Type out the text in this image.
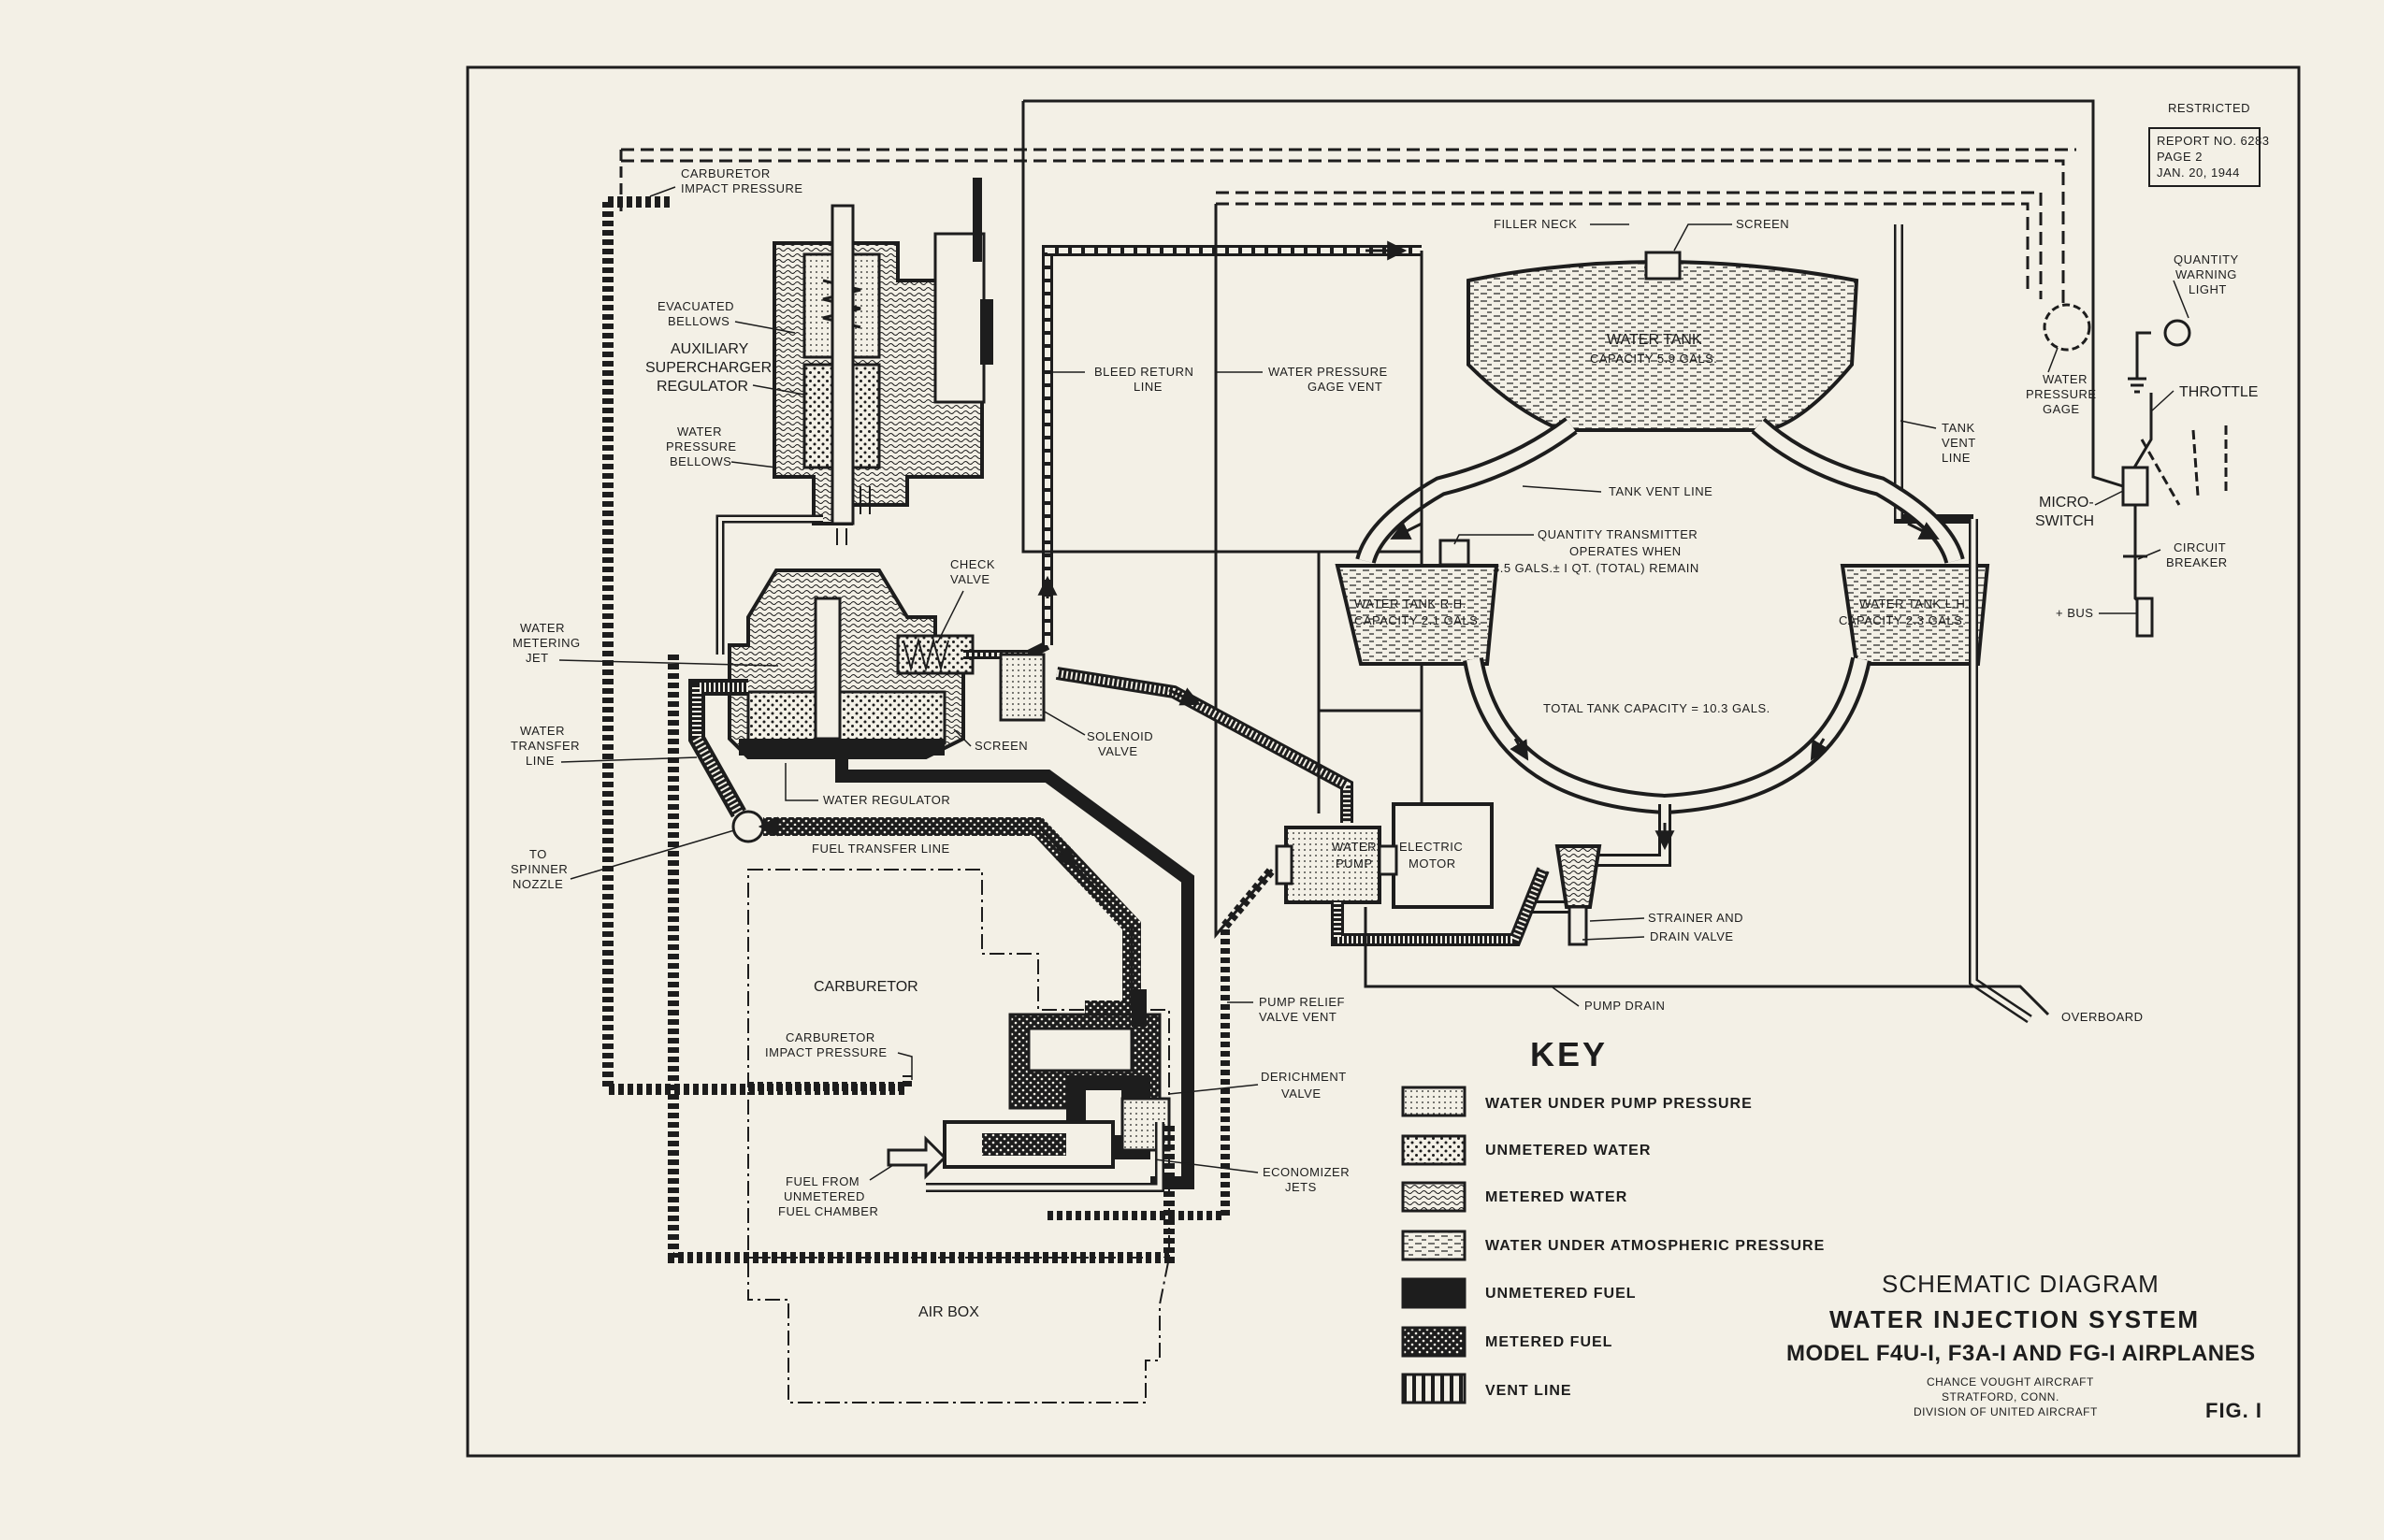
RESTRICTED
REPORT NO. 6283
PAGE 2
JAN. 20, 1944
CARBURETOR
IMPACT PRESSURE
EVACUATED
BELLOWS
AUXILIARY
SUPERCHARGER
REGULATOR
WATER
PRESSURE
BELLOWS
WATER
METERING
JET
WATER
TRANSFER
LINE
TO
SPINNER
NOZZLE
CHECK
VALVE
SCREEN
SOLENOID
VALVE
WATER REGULATOR
FUEL TRANSFER LINE
CARBURETOR
CARBURETOR
IMPACT PRESSURE
FUEL FROM
UNMETERED
FUEL CHAMBER
AIR BOX
BLEED RETURN
LINE
WATER PRESSURE
GAGE VENT
PUMP RELIEF
VALVE VENT
DERICHMENT
VALVE
ECONOMIZER
JETS
FILLER NECK	SCREEN
WATER TANK
CAPACITY 5.9 GALS.
TANK VENT LINE
TANK
VENT
LINE
QUANTITY TRANSMITTER
OPERATES WHEN
3.5 GALS.± I QT. (TOTAL) REMAIN
WATER TANK R.H.
CAPACITY 2.1 GALS.
WATER TANK L.H.
CAPACITY 2.3 GALS.
TOTAL TANK CAPACITY = 10.3 GALS.
WATER
PUMP
ELECTRIC
MOTOR
STRAINER AND
DRAIN VALVE
PUMP DRAIN
OVERBOARD
QUANTITY
WARNING
LIGHT
WATER
PRESSURE
GAGE
THROTTLE
MICRO-
SWITCH
CIRCUIT
BREAKER
+ BUS
KEY
WATER UNDER PUMP PRESSURE
UNMETERED WATER
METERED WATER
WATER UNDER ATMOSPHERIC PRESSURE
UNMETERED FUEL
METERED FUEL
VENT LINE
SCHEMATIC DIAGRAM
WATER INJECTION SYSTEM
MODEL F4U-I, F3A-I AND FG-I AIRPLANES
CHANCE VOUGHT AIRCRAFT
STRATFORD, CONN.
DIVISION OF UNITED AIRCRAFT	FIG. I
